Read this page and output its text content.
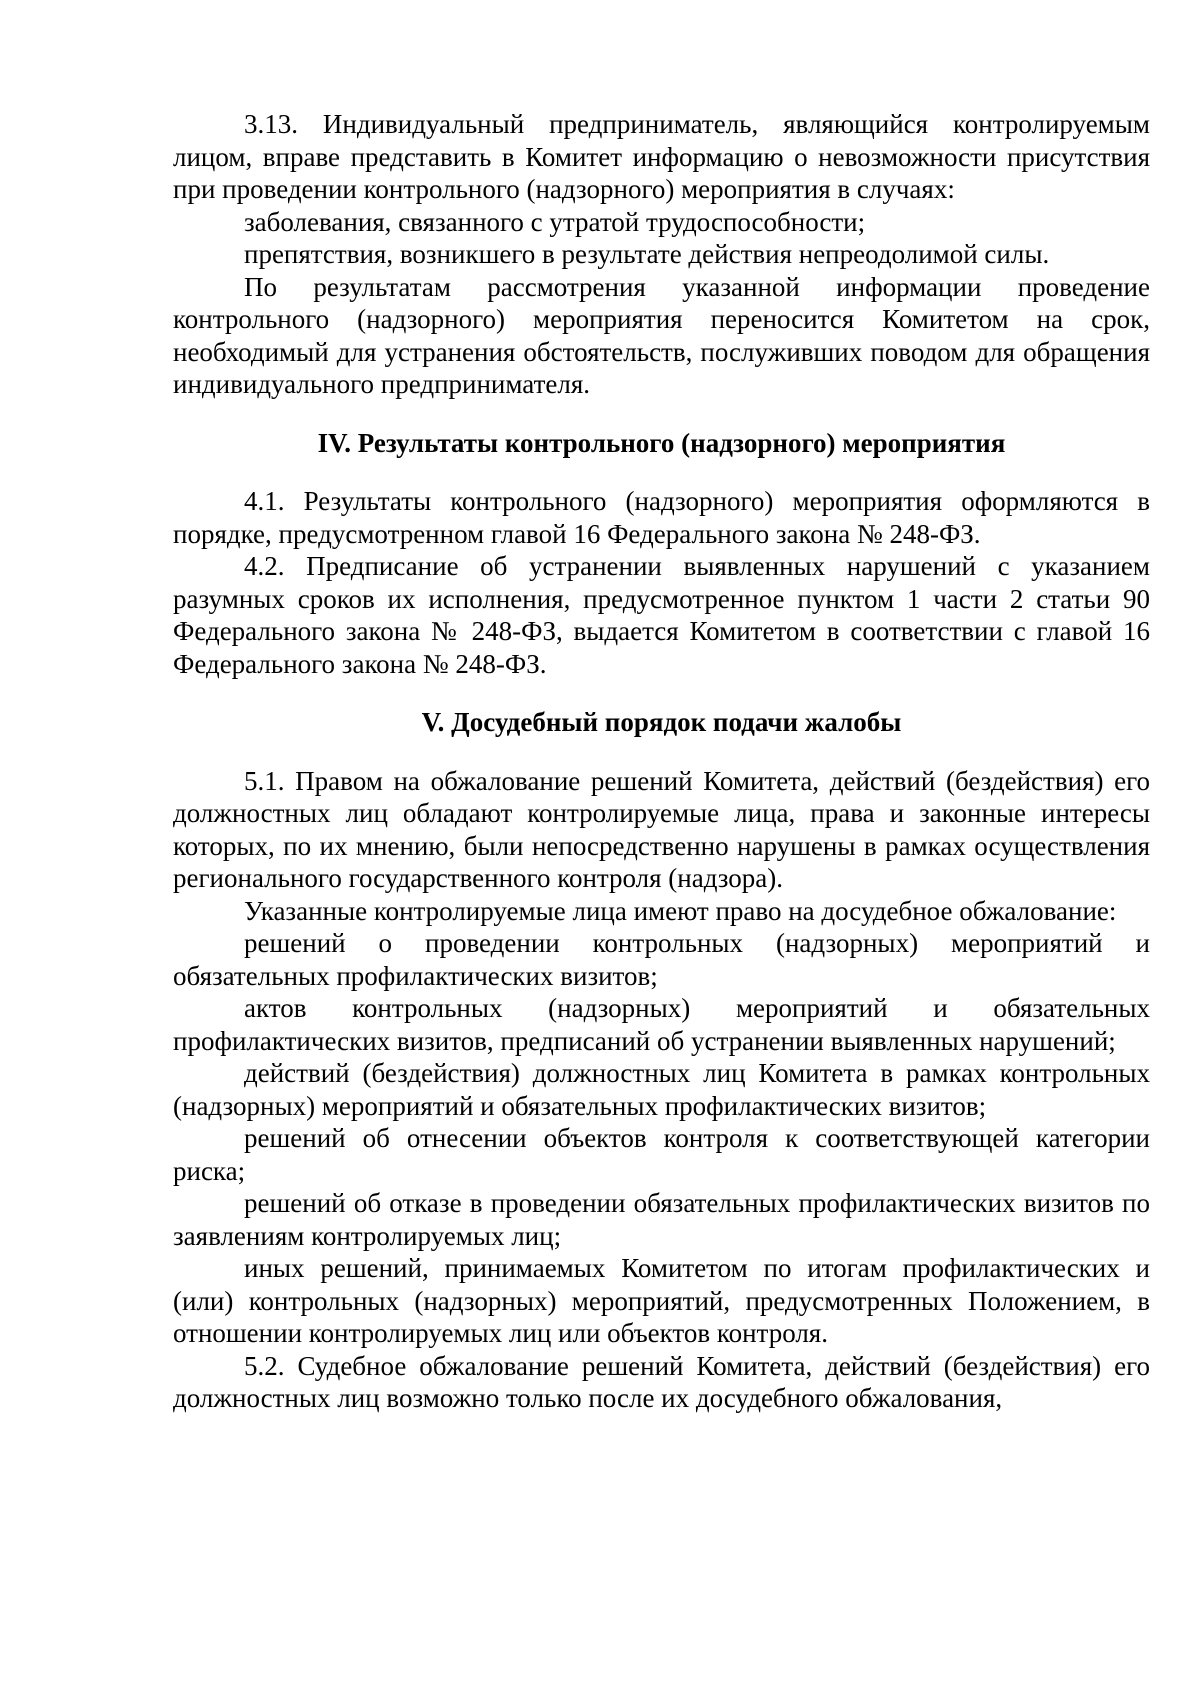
3.13. Индивидуальный предприниматель, являющийся контролируемым лицом, вправе представить в Комитет информацию о невозможности присутствия при проведении контрольного (надзорного) мероприятия в случаях:

заболевания, связанного с утратой трудоспособности;

препятствия, возникшего в результате действия непреодолимой силы.

По результатам рассмотрения указанной информации проведение контрольного (надзорного) мероприятия переносится Комитетом на срок, необходимый для устранения обстоятельств, послуживших поводом для обращения индивидуального предпринимателя.

IV. Результаты контрольного (надзорного) мероприятия

4.1. Результаты контрольного (надзорного) мероприятия оформляются в порядке, предусмотренном главой 16 Федерального закона № 248-ФЗ.

4.2. Предписание об устранении выявленных нарушений с указанием разумных сроков их исполнения, предусмотренное пунктом 1 части 2 статьи 90 Федерального закона № 248-ФЗ, выдается Комитетом в соответствии с главой 16 Федерального закона № 248-ФЗ.

V. Досудебный порядок подачи жалобы

5.1. Правом на обжалование решений Комитета, действий (бездействия) его должностных лиц обладают контролируемые лица, права и законные интересы которых, по их мнению, были непосредственно нарушены в рамках осуществления регионального государственного контроля (надзора).

Указанные контролируемые лица имеют право на досудебное обжалование:

решений о проведении контрольных (надзорных) мероприятий и обязательных профилактических визитов;

актов контрольных (надзорных) мероприятий и обязательных профилактических визитов, предписаний об устранении выявленных нарушений;

действий (бездействия) должностных лиц Комитета в рамках контрольных (надзорных) мероприятий и обязательных профилактических визитов;

решений об отнесении объектов контроля к соответствующей категории риска;

решений об отказе в проведении обязательных профилактических визитов по заявлениям контролируемых лиц;

иных решений, принимаемых Комитетом по итогам профилактических и (или) контрольных (надзорных) мероприятий, предусмотренных Положением, в отношении контролируемых лиц или объектов контроля.

5.2. Судебное обжалование решений Комитета, действий (бездействия) его должностных лиц возможно только после их досудебного обжалования,
